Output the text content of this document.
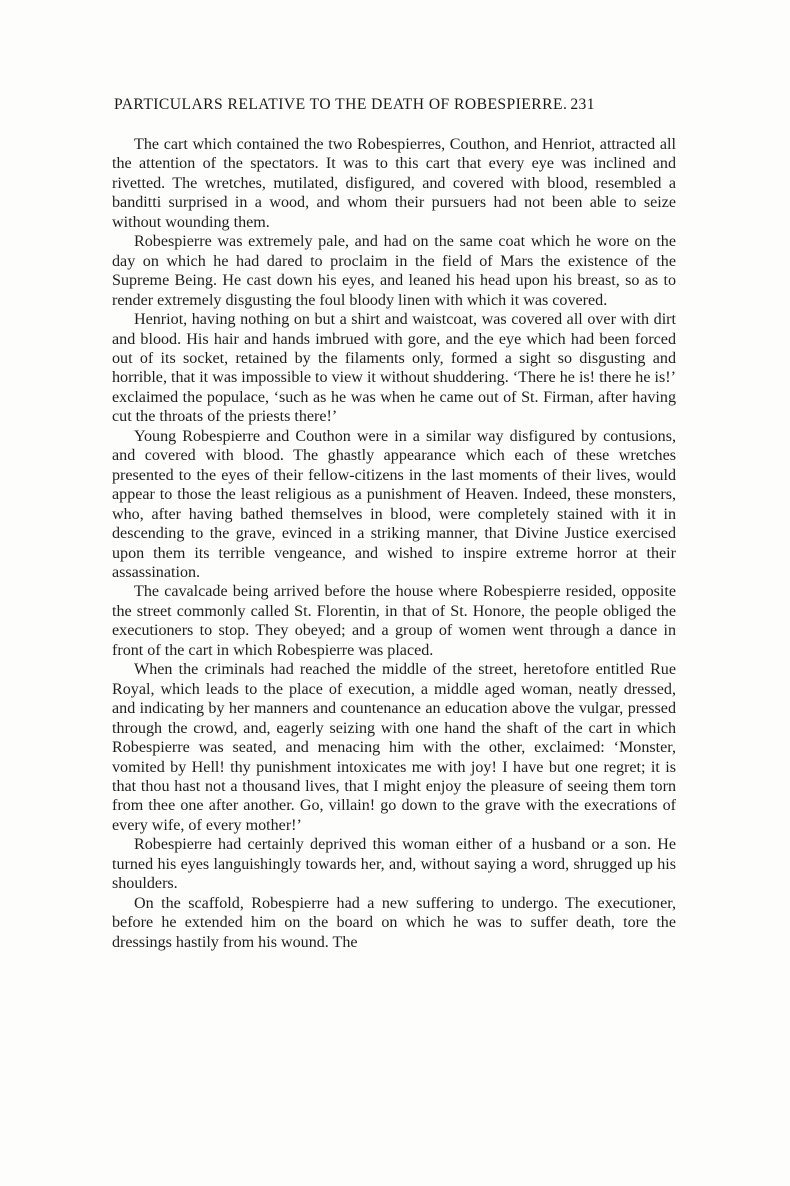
PARTICULARS RELATIVE TO THE DEATH OF ROBESPIERRE. 231

The cart which contained the two Robespierres, Couthon, and Henriot, attracted all the attention of the spectators. It was to this cart that every eye was inclined and rivetted. The wretches, mutilated, disfigured, and covered with blood, resembled a banditti surprised in a wood, and whom their pursuers had not been able to seize without wounding them.

Robespierre was extremely pale, and had on the same coat which he wore on the day on which he had dared to proclaim in the field of Mars the existence of the Supreme Being. He cast down his eyes, and leaned his head upon his breast, so as to render extremely disgusting the foul bloody linen with which it was covered.

Henriot, having nothing on but a shirt and waistcoat, was covered all over with dirt and blood. His hair and hands imbrued with gore, and the eye which had been forced out of its socket, retained by the filaments only, formed a sight so disgusting and horrible, that it was impossible to view it without shuddering. ‘There he is! there he is!’ exclaimed the populace, ‘such as he was when he came out of St. Firman, after having cut the throats of the priests there!’

Young Robespierre and Couthon were in a similar way disfigured by contusions, and covered with blood. The ghastly appearance which each of these wretches presented to the eyes of their fellow-citizens in the last moments of their lives, would appear to those the least religious as a punishment of Heaven. Indeed, these monsters, who, after having bathed themselves in blood, were completely stained with it in descending to the grave, evinced in a striking manner, that Divine Justice exercised upon them its terrible vengeance, and wished to inspire extreme horror at their assassination.

The cavalcade being arrived before the house where Robespierre resided, opposite the street commonly called St. Florentin, in that of St. Honore, the people obliged the executioners to stop. They obeyed; and a group of women went through a dance in front of the cart in which Robespierre was placed.

When the criminals had reached the middle of the street, heretofore entitled Rue Royal, which leads to the place of execution, a middle aged woman, neatly dressed, and indicating by her manners and countenance an education above the vulgar, pressed through the crowd, and, eagerly seizing with one hand the shaft of the cart in which Robespierre was seated, and menacing him with the other, exclaimed: ‘Monster, vomited by Hell! thy punishment intoxicates me with joy! I have but one regret; it is that thou hast not a thousand lives, that I might enjoy the pleasure of seeing them torn from thee one after another. Go, villain! go down to the grave with the execrations of every wife, of every mother!’

Robespierre had certainly deprived this woman either of a husband or a son. He turned his eyes languishingly towards her, and, without saying a word, shrugged up his shoulders.

On the scaffold, Robespierre had a new suffering to undergo. The executioner, before he extended him on the board on which he was to suffer death, tore the dressings hastily from his wound. The
